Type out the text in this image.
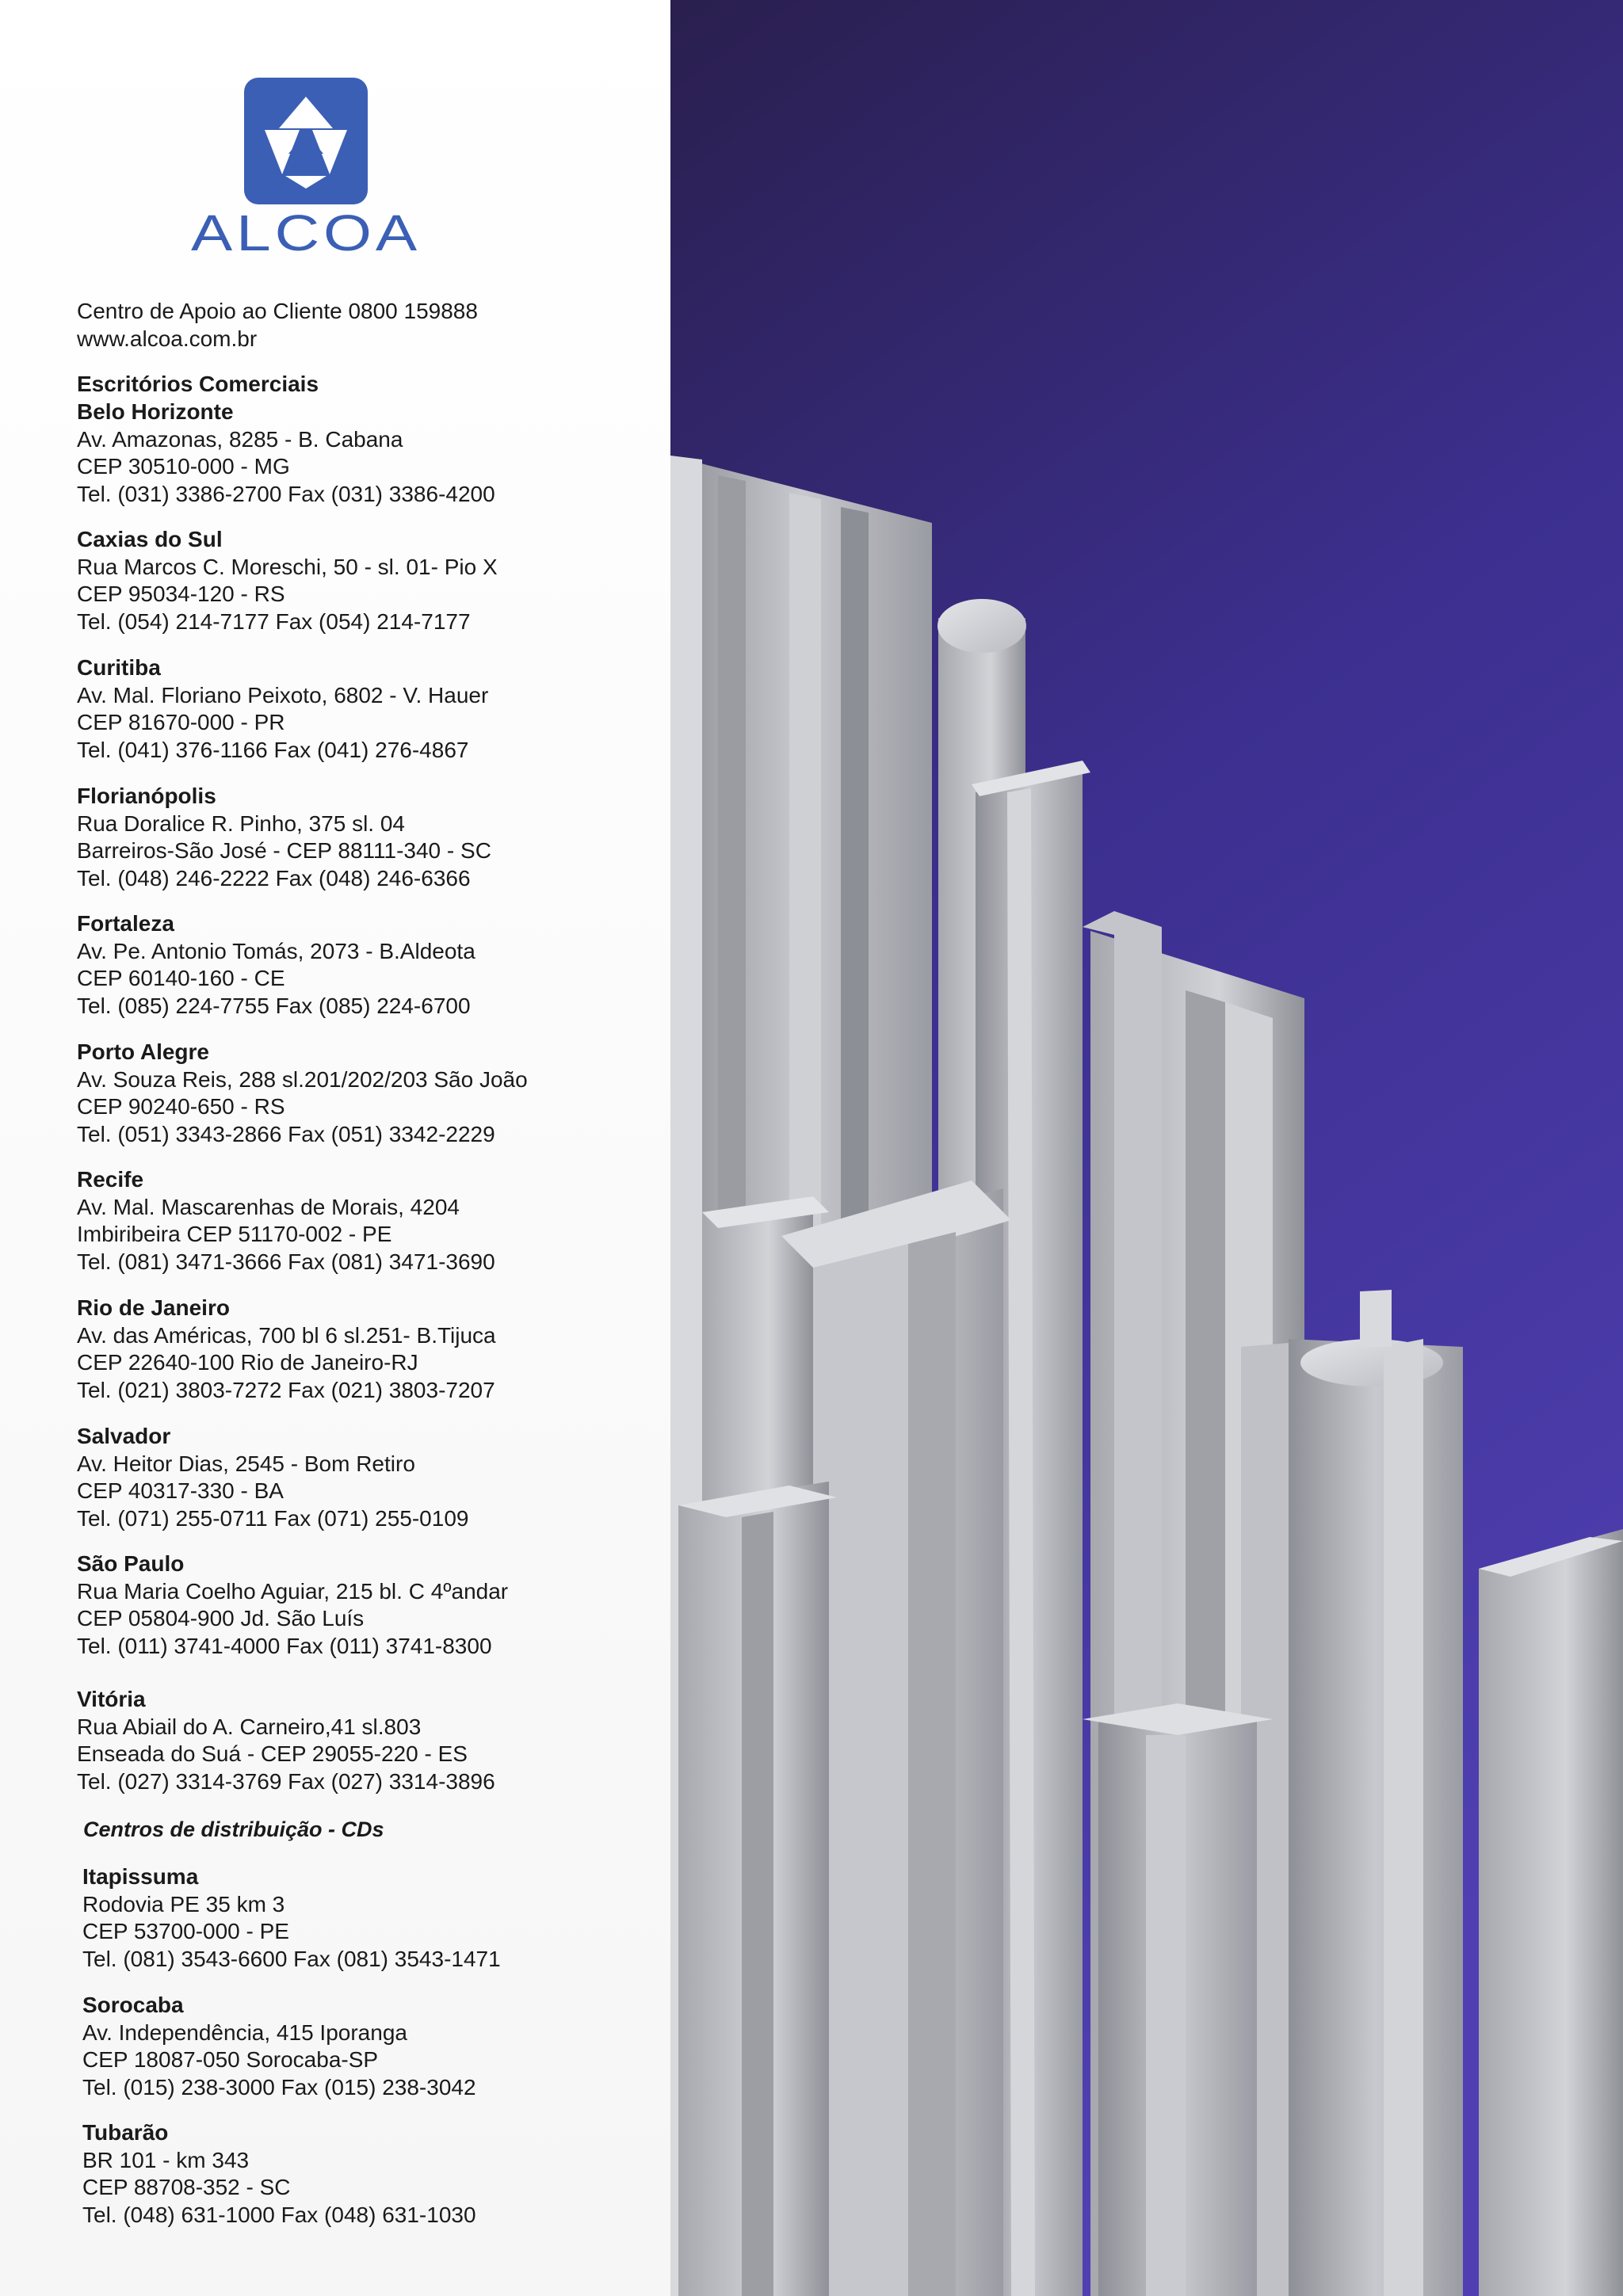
ALCOA
Centro de Apoio ao Cliente 0800 159888
www.alcoa.com.br
Escritórios Comerciais
Belo Horizonte
Av. Amazonas, 8285 - B. Cabana
CEP 30510-000 - MG
Tel. (031) 3386-2700 Fax (031) 3386-4200
Caxias do Sul
Rua Marcos C. Moreschi, 50 - sl. 01- Pio X
CEP 95034-120 - RS
Tel. (054) 214-7177 Fax (054) 214-7177
Curitiba
Av. Mal. Floriano Peixoto, 6802 - V. Hauer
CEP 81670-000 - PR
Tel. (041) 376-1166 Fax (041) 276-4867
Florianópolis
Rua Doralice R. Pinho, 375 sl. 04
Barreiros-São José - CEP 88111-340 - SC
Tel. (048) 246-2222 Fax (048) 246-6366
Fortaleza
Av. Pe. Antonio Tomás, 2073 - B.Aldeota
CEP 60140-160 - CE
Tel. (085) 224-7755 Fax (085) 224-6700
Porto Alegre
Av. Souza Reis, 288 sl.201/202/203 São João
CEP 90240-650 - RS
Tel. (051) 3343-2866 Fax (051) 3342-2229
Recife
Av. Mal. Mascarenhas de Morais, 4204
Imbiribeira CEP 51170-002 - PE
Tel. (081) 3471-3666 Fax (081) 3471-3690
Rio de Janeiro
Av. das Américas, 700 bl 6 sl.251- B.Tijuca
CEP 22640-100 Rio de Janeiro-RJ
Tel. (021) 3803-7272 Fax (021) 3803-7207
Salvador
Av. Heitor Dias, 2545 - Bom Retiro
CEP 40317-330 - BA
Tel. (071) 255-0711 Fax (071) 255-0109
São Paulo
Rua Maria Coelho Aguiar, 215 bl. C 4ºandar
CEP 05804-900 Jd. São Luís
Tel. (011) 3741-4000 Fax (011) 3741-8300
Vitória
Rua Abiail do A. Carneiro,41 sl.803
Enseada do Suá - CEP 29055-220 - ES
Tel. (027) 3314-3769 Fax (027) 3314-3896
Centros de distribuição - CDs
Itapissuma
Rodovia PE 35 km 3
CEP 53700-000 - PE
Tel. (081) 3543-6600 Fax (081) 3543-1471
Sorocaba
Av. Independência, 415 Iporanga
CEP 18087-050 Sorocaba-SP
Tel. (015) 238-3000 Fax (015) 238-3042
Tubarão
BR 101 - km 343
CEP 88708-352 - SC
Tel. (048) 631-1000 Fax (048) 631-1030
